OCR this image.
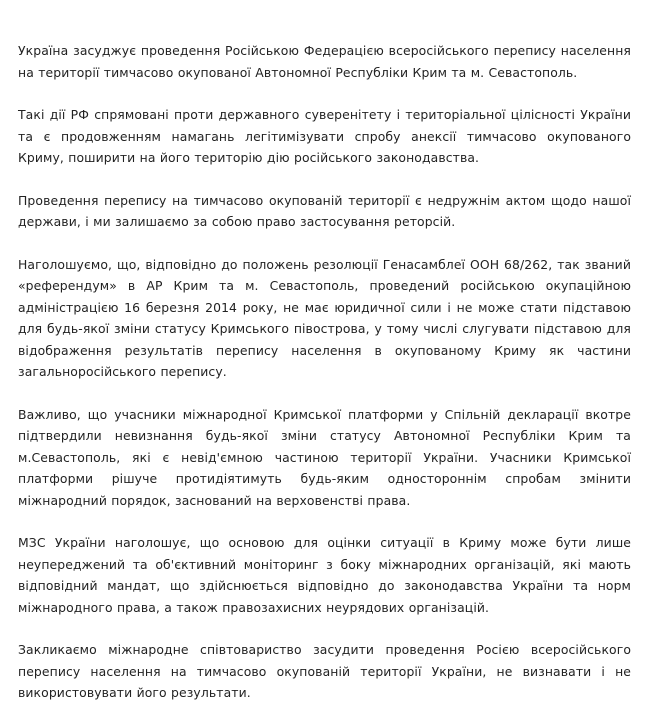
Україна засуджує проведення Російською Федерацією всеросійського перепису населення на території тимчасово окупованої Автономної Республіки Крим та м. Севастополь.

Такі дії РФ спрямовані проти державного суверенітету і територіальної цілісності України та є продовженням намагань легітимізувати спробу анексії тимчасово окупованого Криму, поширити на його територію дію російського законодавства.

Проведення перепису на тимчасово окупованій території є недружнім актом щодо нашої держави, і ми залишаємо за собою право застосування реторсій.

Наголошуємо, що, відповідно до положень резолюції Генасамблеї ООН 68/262, так званий «референдум» в АР Крим та м. Севастополь, проведений російською окупаційною адміністрацією 16 березня 2014 року, не має юридичної сили і не може стати підставою для будь-якої зміни статусу Кримського півострова, у тому числі слугувати підставою для відображення результатів перепису населення в окупованому Криму як частини загальноросійського перепису.

Важливо, що учасники міжнародної Кримської платформи у Спільній декларації вкотре підтвердили невизнання будь-якої зміни статусу Автономної Республіки Крим та м.Севастополь, які є невід'ємною частиною території України. Учасники Кримської платформи рішуче протидіятимуть будь-яким одностороннім спробам змінити міжнародний порядок, заснований на верховенстві права.

МЗС України наголошує, що основою для оцінки ситуації в Криму може бути лише неупереджений та об'єктивний моніторинг з боку міжнародних організацій, які мають відповідний мандат, що здійснюється відповідно до законодавства України та норм міжнародного права, а також правозахисних неурядових організацій.

Закликаємо міжнародне співтовариство засудити проведення Росією всеросійського перепису населення на тимчасово окупованій території України, не визнавати і не використовувати його результати.
